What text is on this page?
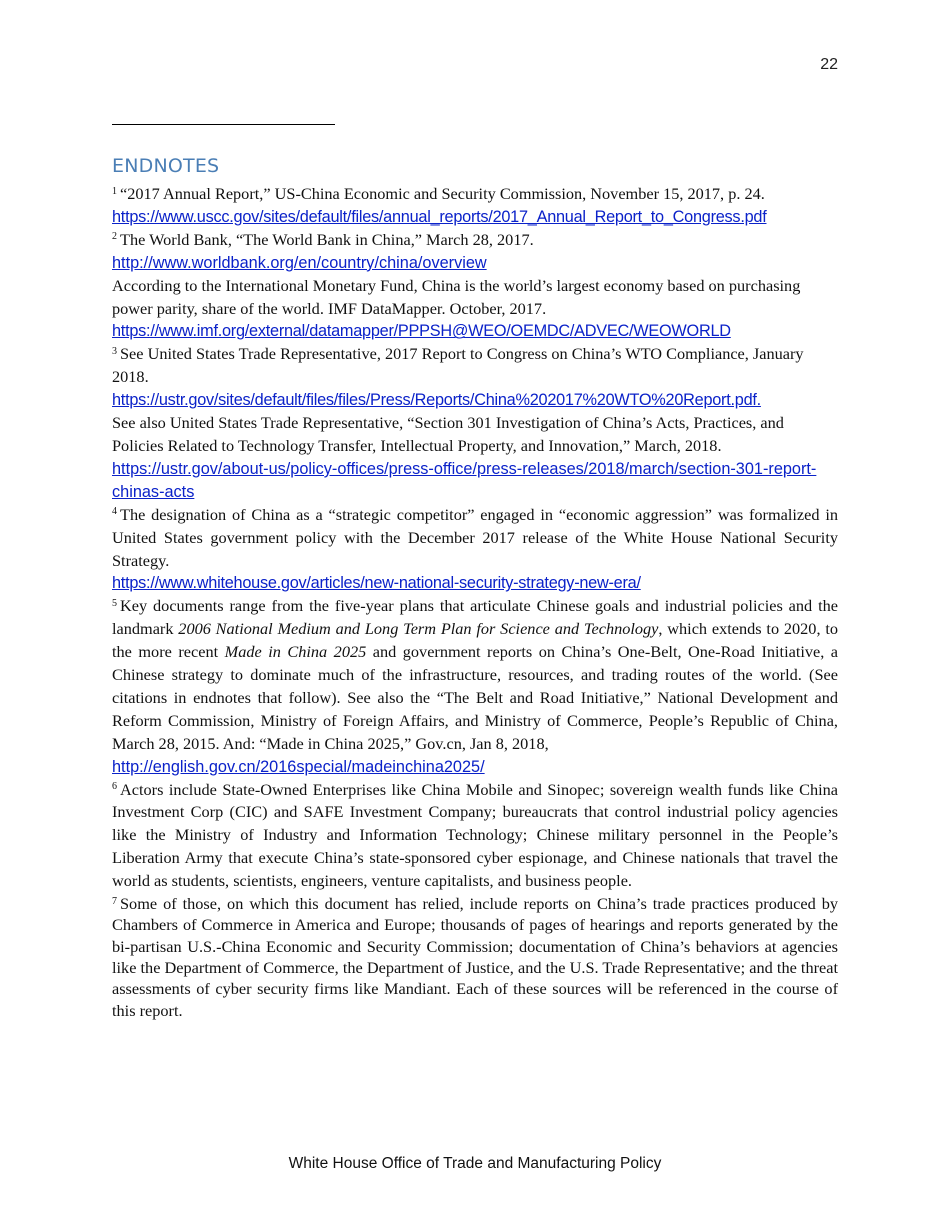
22
ENDNOTES

$^1$ “2017 Annual Report,” US-China Economic and Security Commission, November 15, 2017, p. 24.

https://www.uscc.gov/sites/default/files/annual_reports/2017_Annual_Report_to_Congress.pdf

$^2$ The World Bank, “The World Bank in China,” March 28, 2017.

http://www.worldbank.org/en/country/china/overview

According to the International Monetary Fund, China is the world’s largest economy based on purchasing power parity, share of the world. IMF DataMapper. October, 2017.

https://www.imf.org/external/datamapper/PPPSH@WEO/OEMDC/ADVEC/WEOWORLD

$^3$ See United States Trade Representative, 2017 Report to Congress on China’s WTO Compliance, January 2018.

https://ustr.gov/sites/default/files/files/Press/Reports/China%202017%20WTO%20Report.pdf.

See also United States Trade Representative, “Section 301 Investigation of China’s Acts, Practices, and Policies Related to Technology Transfer, Intellectual Property, and Innovation,” March, 2018. https://ustr.gov/about-us/policy-offices/press-office/press-releases/2018/march/section-301-report-chinas-acts

$^4$ The designation of China as a “strategic competitor” engaged in “economic aggression” was formalized in United States government policy with the December 2017 release of the White House National Security Strategy.

https://www.whitehouse.gov/articles/new-national-security-strategy-new-era/

$^5$ Key documents range from the five-year plans that articulate Chinese goals and industrial policies and the landmark 2006 National Medium and Long Term Plan for Science and Technology, which extends to 2020, to the more recent Made in China 2025 and government reports on China’s One-Belt, One-Road Initiative, a Chinese strategy to dominate much of the infrastructure, resources, and trading routes of the world. (See citations in endnotes that follow). See also the “The Belt and Road Initiative,” National Development and Reform Commission, Ministry of Foreign Affairs, and Ministry of Commerce, People’s Republic of China, March 28, 2015. And: “Made in China 2025,” Gov.cn, Jan 8, 2018,

http://english.gov.cn/2016special/madeinchina2025/

$^6$ Actors include State-Owned Enterprises like China Mobile and Sinopec; sovereign wealth funds like China Investment Corp (CIC) and SAFE Investment Company; bureaucrats that control industrial policy agencies like the Ministry of Industry and Information Technology; Chinese military personnel in the People’s Liberation Army that execute China’s state-sponsored cyber espionage, and Chinese nationals that travel the world as students, scientists, engineers, venture capitalists, and business people.

$^7$ Some of those, on which this document has relied, include reports on China’s trade practices produced by Chambers of Commerce in America and Europe; thousands of pages of hearings and reports generated by the bi-partisan U.S.-China Economic and Security Commission; documentation of China’s behaviors at agencies like the Department of Commerce, the Department of Justice, and the U.S. Trade Representative; and the threat assessments of cyber security firms like Mandiant. Each of these sources will be referenced in the course of this report.

White House Office of Trade and Manufacturing Policy
